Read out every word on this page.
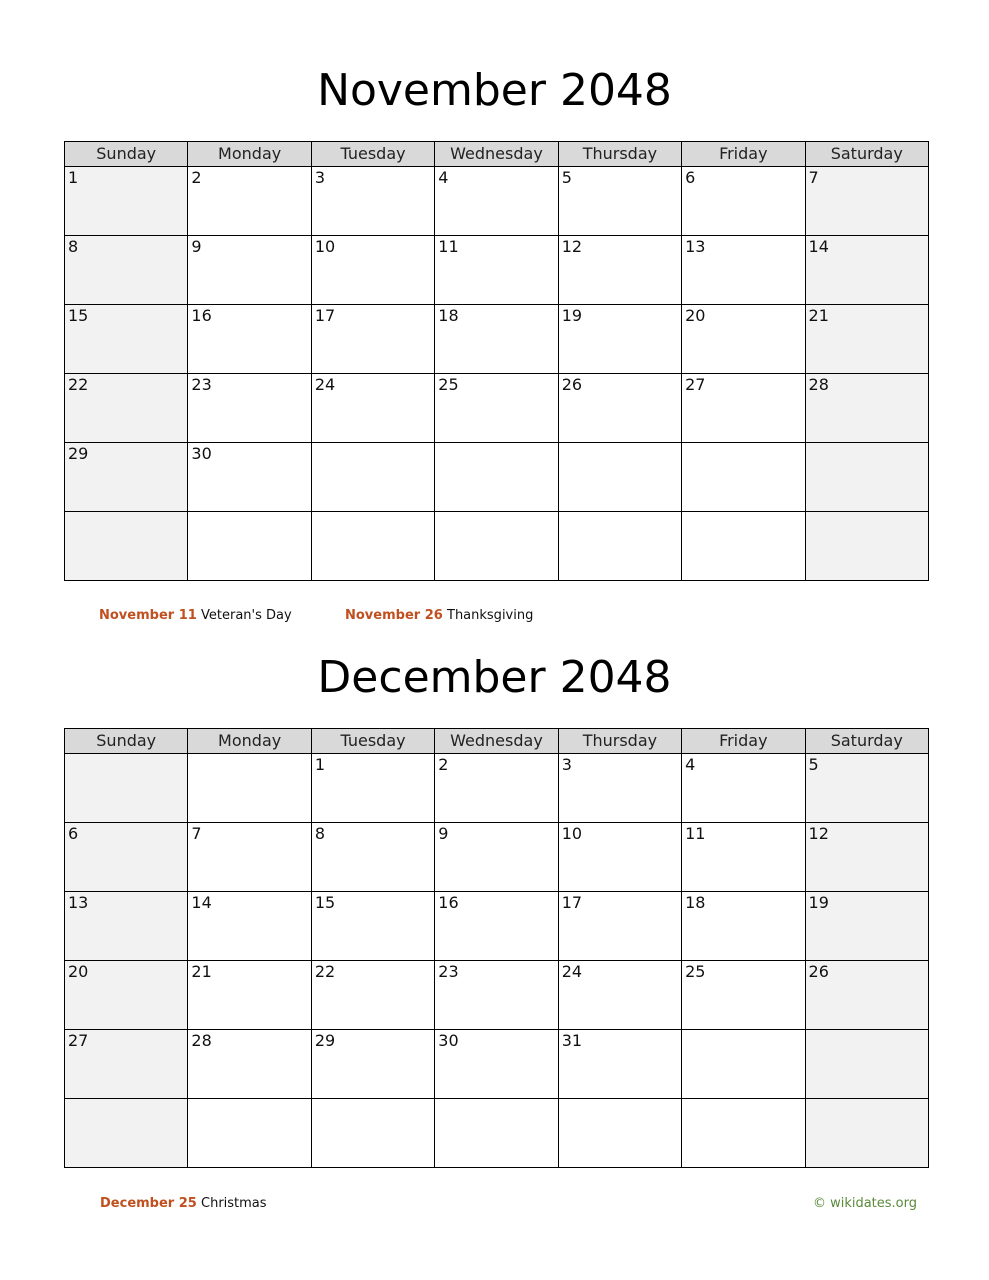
November 2048
Sunday	Monday	Tuesday	Wednesday	Thursday	Friday	Saturday
1	2	3	4	5	6	7
8	9	10	11	12	13	14
15	16	17	18	19	20	21
22	23	24	25	26	27	28
29	30					

November 11 Veteran's Day	November 26 Thanksgiving
December 2048
Sunday	Monday	Tuesday	Wednesday	Thursday	Friday	Saturday
		1	2	3	4	5
6	7	8	9	10	11	12
13	14	15	16	17	18	19
20	21	22	23	24	25	26
27	28	29	30	31		

December 25 Christmas	© wikidates.org
